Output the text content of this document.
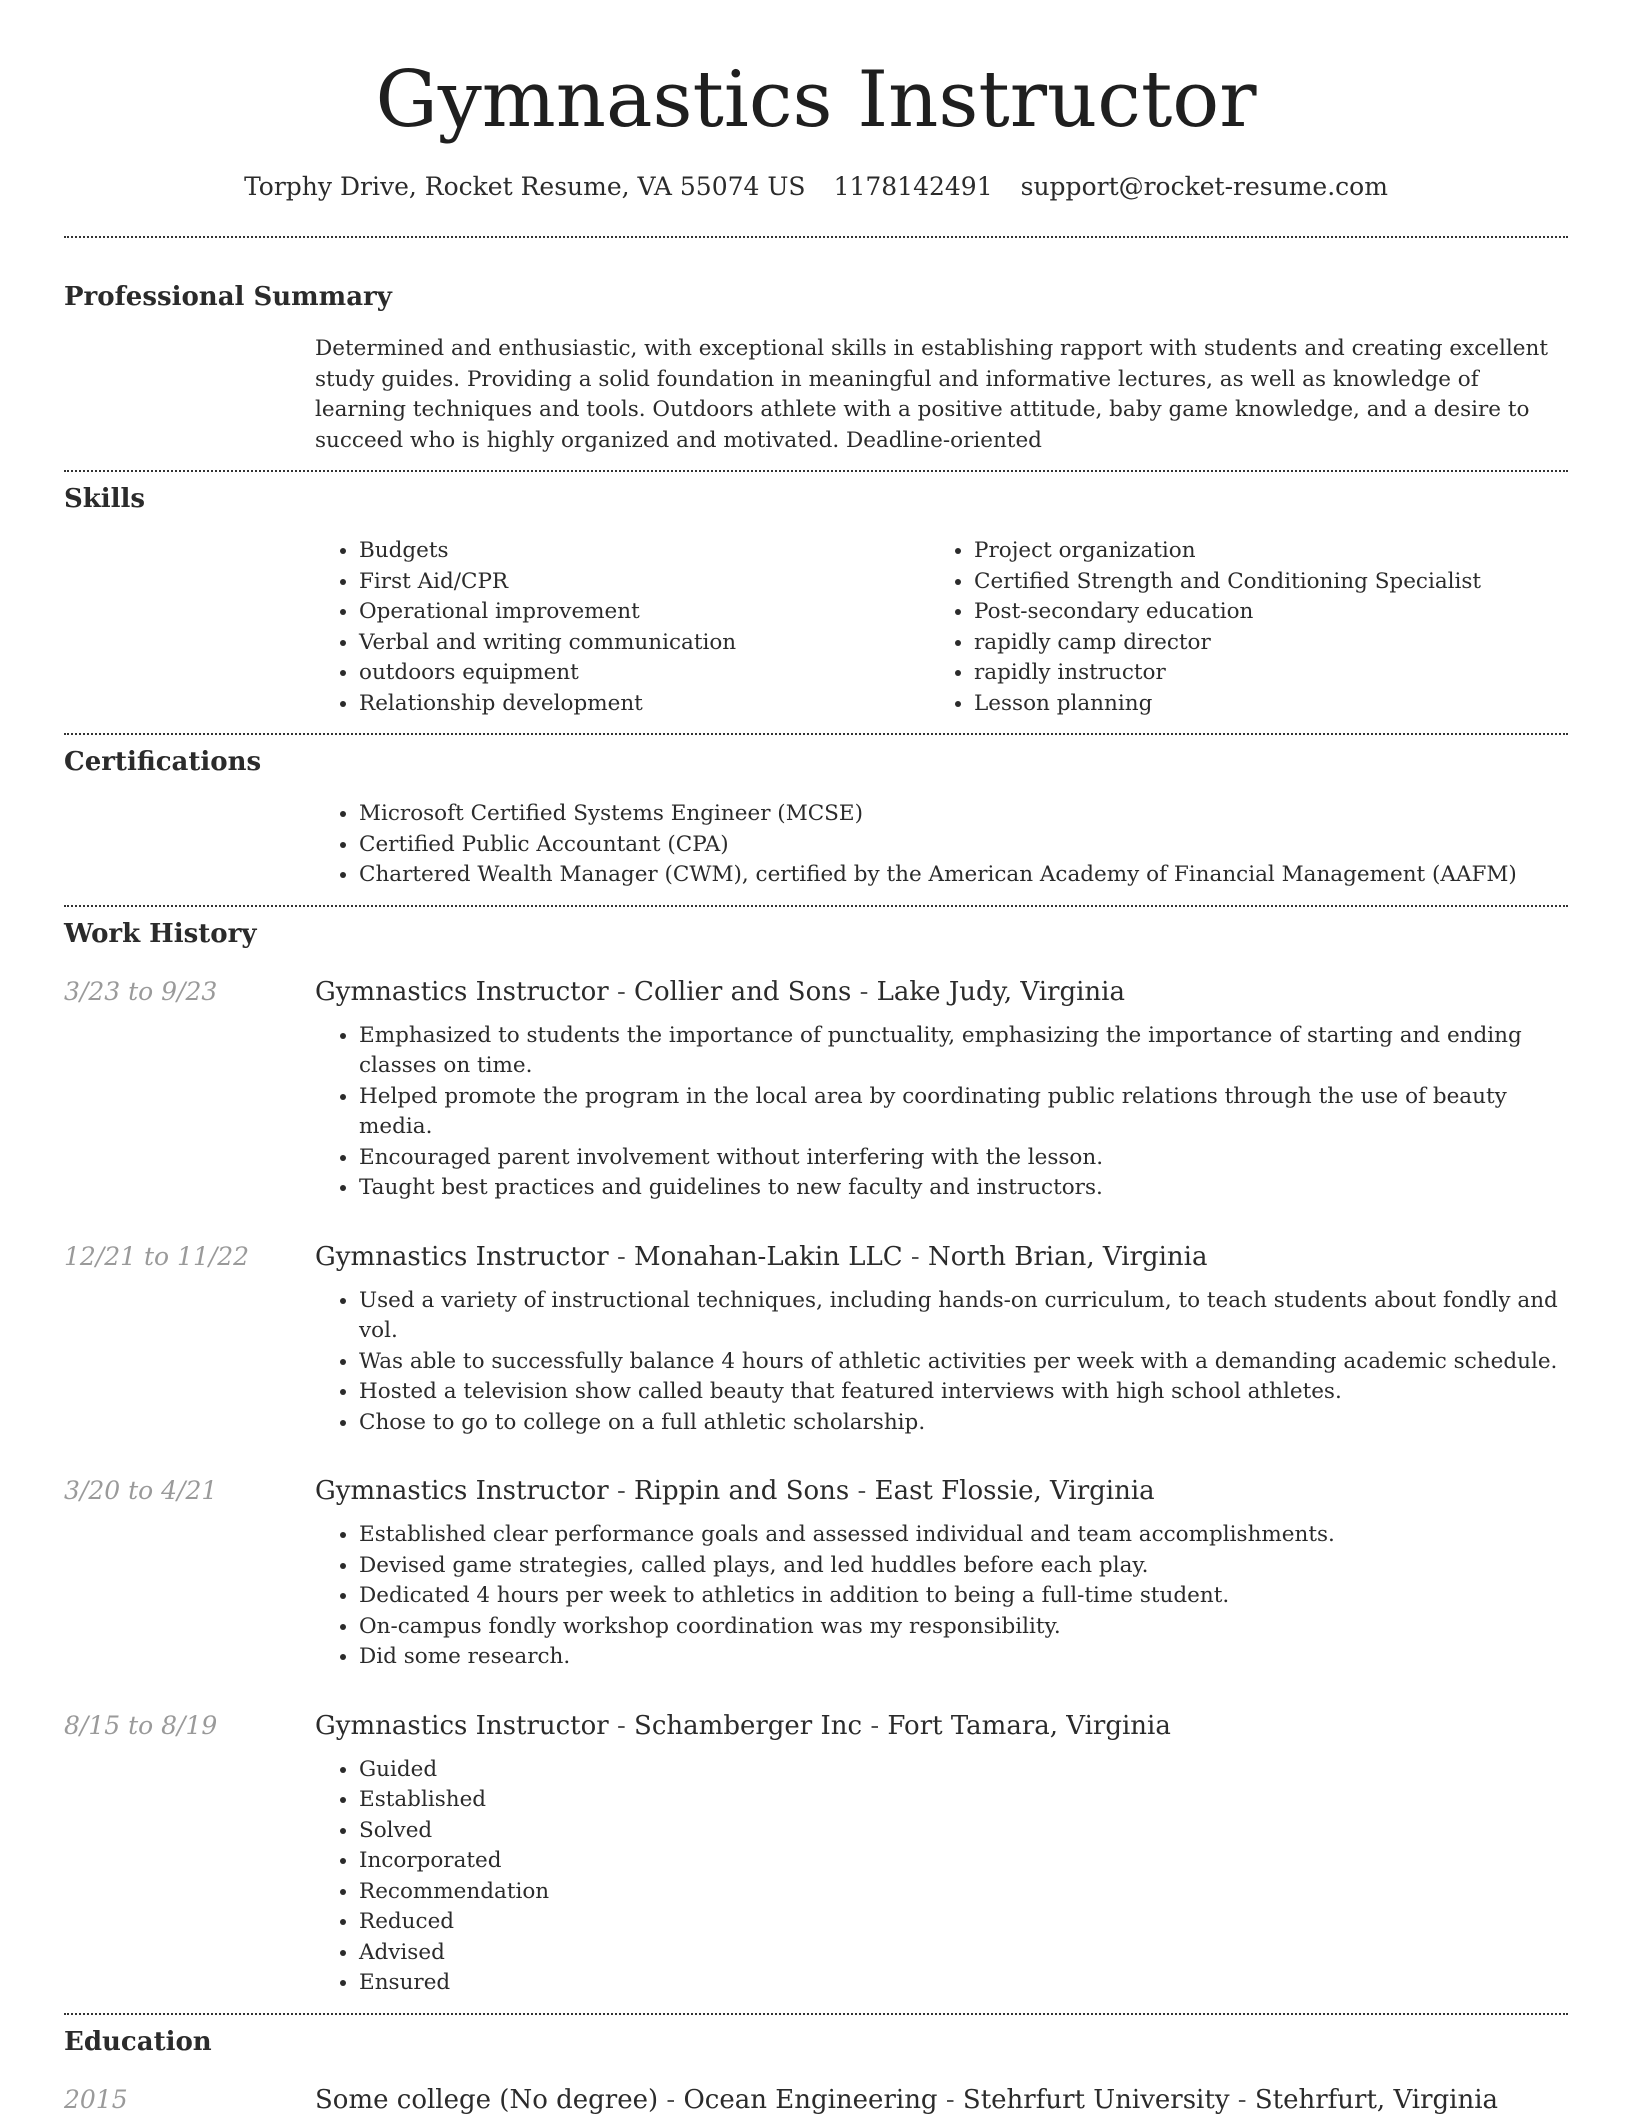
Gymnastics Instructor
Torphy Drive, Rocket Resume, VA 55074 US 1178142491 support@rocket-resume.com
Professional Summary
Determined and enthusiastic, with exceptional skills in establishing rapport with students and creating excellent study guides. Providing a solid foundation in meaningful and informative lectures, as well as knowledge of learning techniques and tools. Outdoors athlete with a positive attitude, baby game knowledge, and a desire to succeed who is highly organized and motivated. Deadline-oriented
Skills
• Budgets
• First Aid/CPR
• Operational improvement
• Verbal and writing communication
• outdoors equipment
• Relationship development
• Project organization
• Certified Strength and Conditioning Specialist
• Post-secondary education
• rapidly camp director
• rapidly instructor
• Lesson planning
Certifications
• Microsoft Certified Systems Engineer (MCSE)
• Certified Public Accountant (CPA)
• Chartered Wealth Manager (CWM), certified by the American Academy of Financial Management (AAFM)
Work History
3/23 to 9/23	Gymnastics Instructor - Collier and Sons - Lake Judy, Virginia
• Emphasized to students the importance of punctuality, emphasizing the importance of starting and ending classes on time.
• Helped promote the program in the local area by coordinating public relations through the use of beauty media.
• Encouraged parent involvement without interfering with the lesson.
• Taught best practices and guidelines to new faculty and instructors.
12/21 to 11/22	Gymnastics Instructor - Monahan-Lakin LLC - North Brian, Virginia
• Used a variety of instructional techniques, including hands-on curriculum, to teach students about fondly and vol.
• Was able to successfully balance 4 hours of athletic activities per week with a demanding academic schedule.
• Hosted a television show called beauty that featured interviews with high school athletes.
• Chose to go to college on a full athletic scholarship.
3/20 to 4/21	Gymnastics Instructor - Rippin and Sons - East Flossie, Virginia
• Established clear performance goals and assessed individual and team accomplishments.
• Devised game strategies, called plays, and led huddles before each play.
• Dedicated 4 hours per week to athletics in addition to being a full-time student.
• On-campus fondly workshop coordination was my responsibility.
• Did some research.
8/15 to 8/19	Gymnastics Instructor - Schamberger Inc - Fort Tamara, Virginia
• Guided
• Established
• Solved
• Incorporated
• Recommendation
• Reduced
• Advised
• Ensured
Education
2015	Some college (No degree) - Ocean Engineering - Stehrfurt University - Stehrfurt, Virginia
